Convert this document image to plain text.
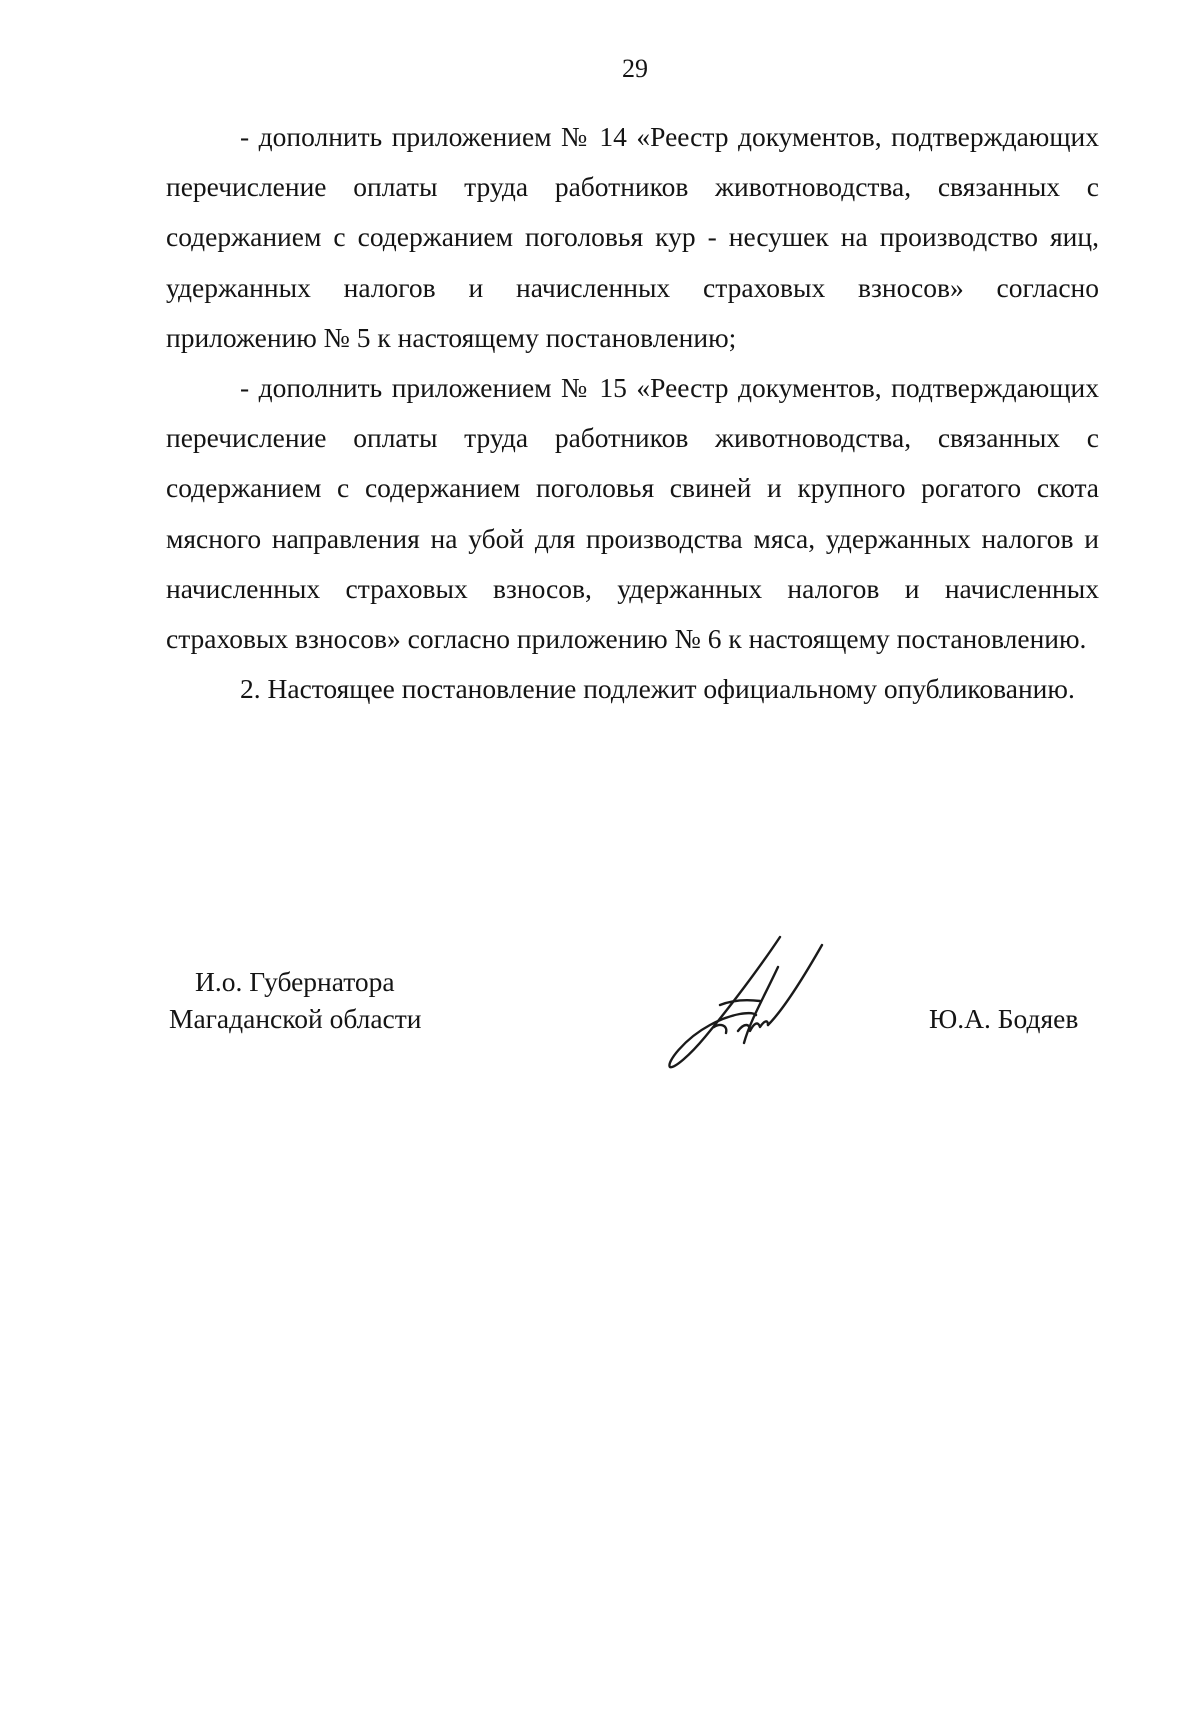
29

- дополнить приложением № 14 «Реестр документов, подтверждающих перечисление оплаты труда работников животноводства, связанных с содержанием с содержанием поголовья кур - несушек на производство яиц, удержанных налогов и начисленных страховых взносов» согласно приложению № 5 к настоящему постановлению;

- дополнить приложением № 15 «Реестр документов, подтверждающих перечисление оплаты труда работников животноводства, связанных с содержанием с содержанием поголовья свиней и крупного рогатого скота мясного направления на убой для производства мяса, удержанных налогов и начисленных страховых взносов, удержанных налогов и начисленных страховых взносов» согласно приложению № 6 к настоящему постановлению.

2. Настоящее постановление подлежит официальному опубликованию.

И.о. Губернатора
Магаданской области	Ю.А. Бодяев
